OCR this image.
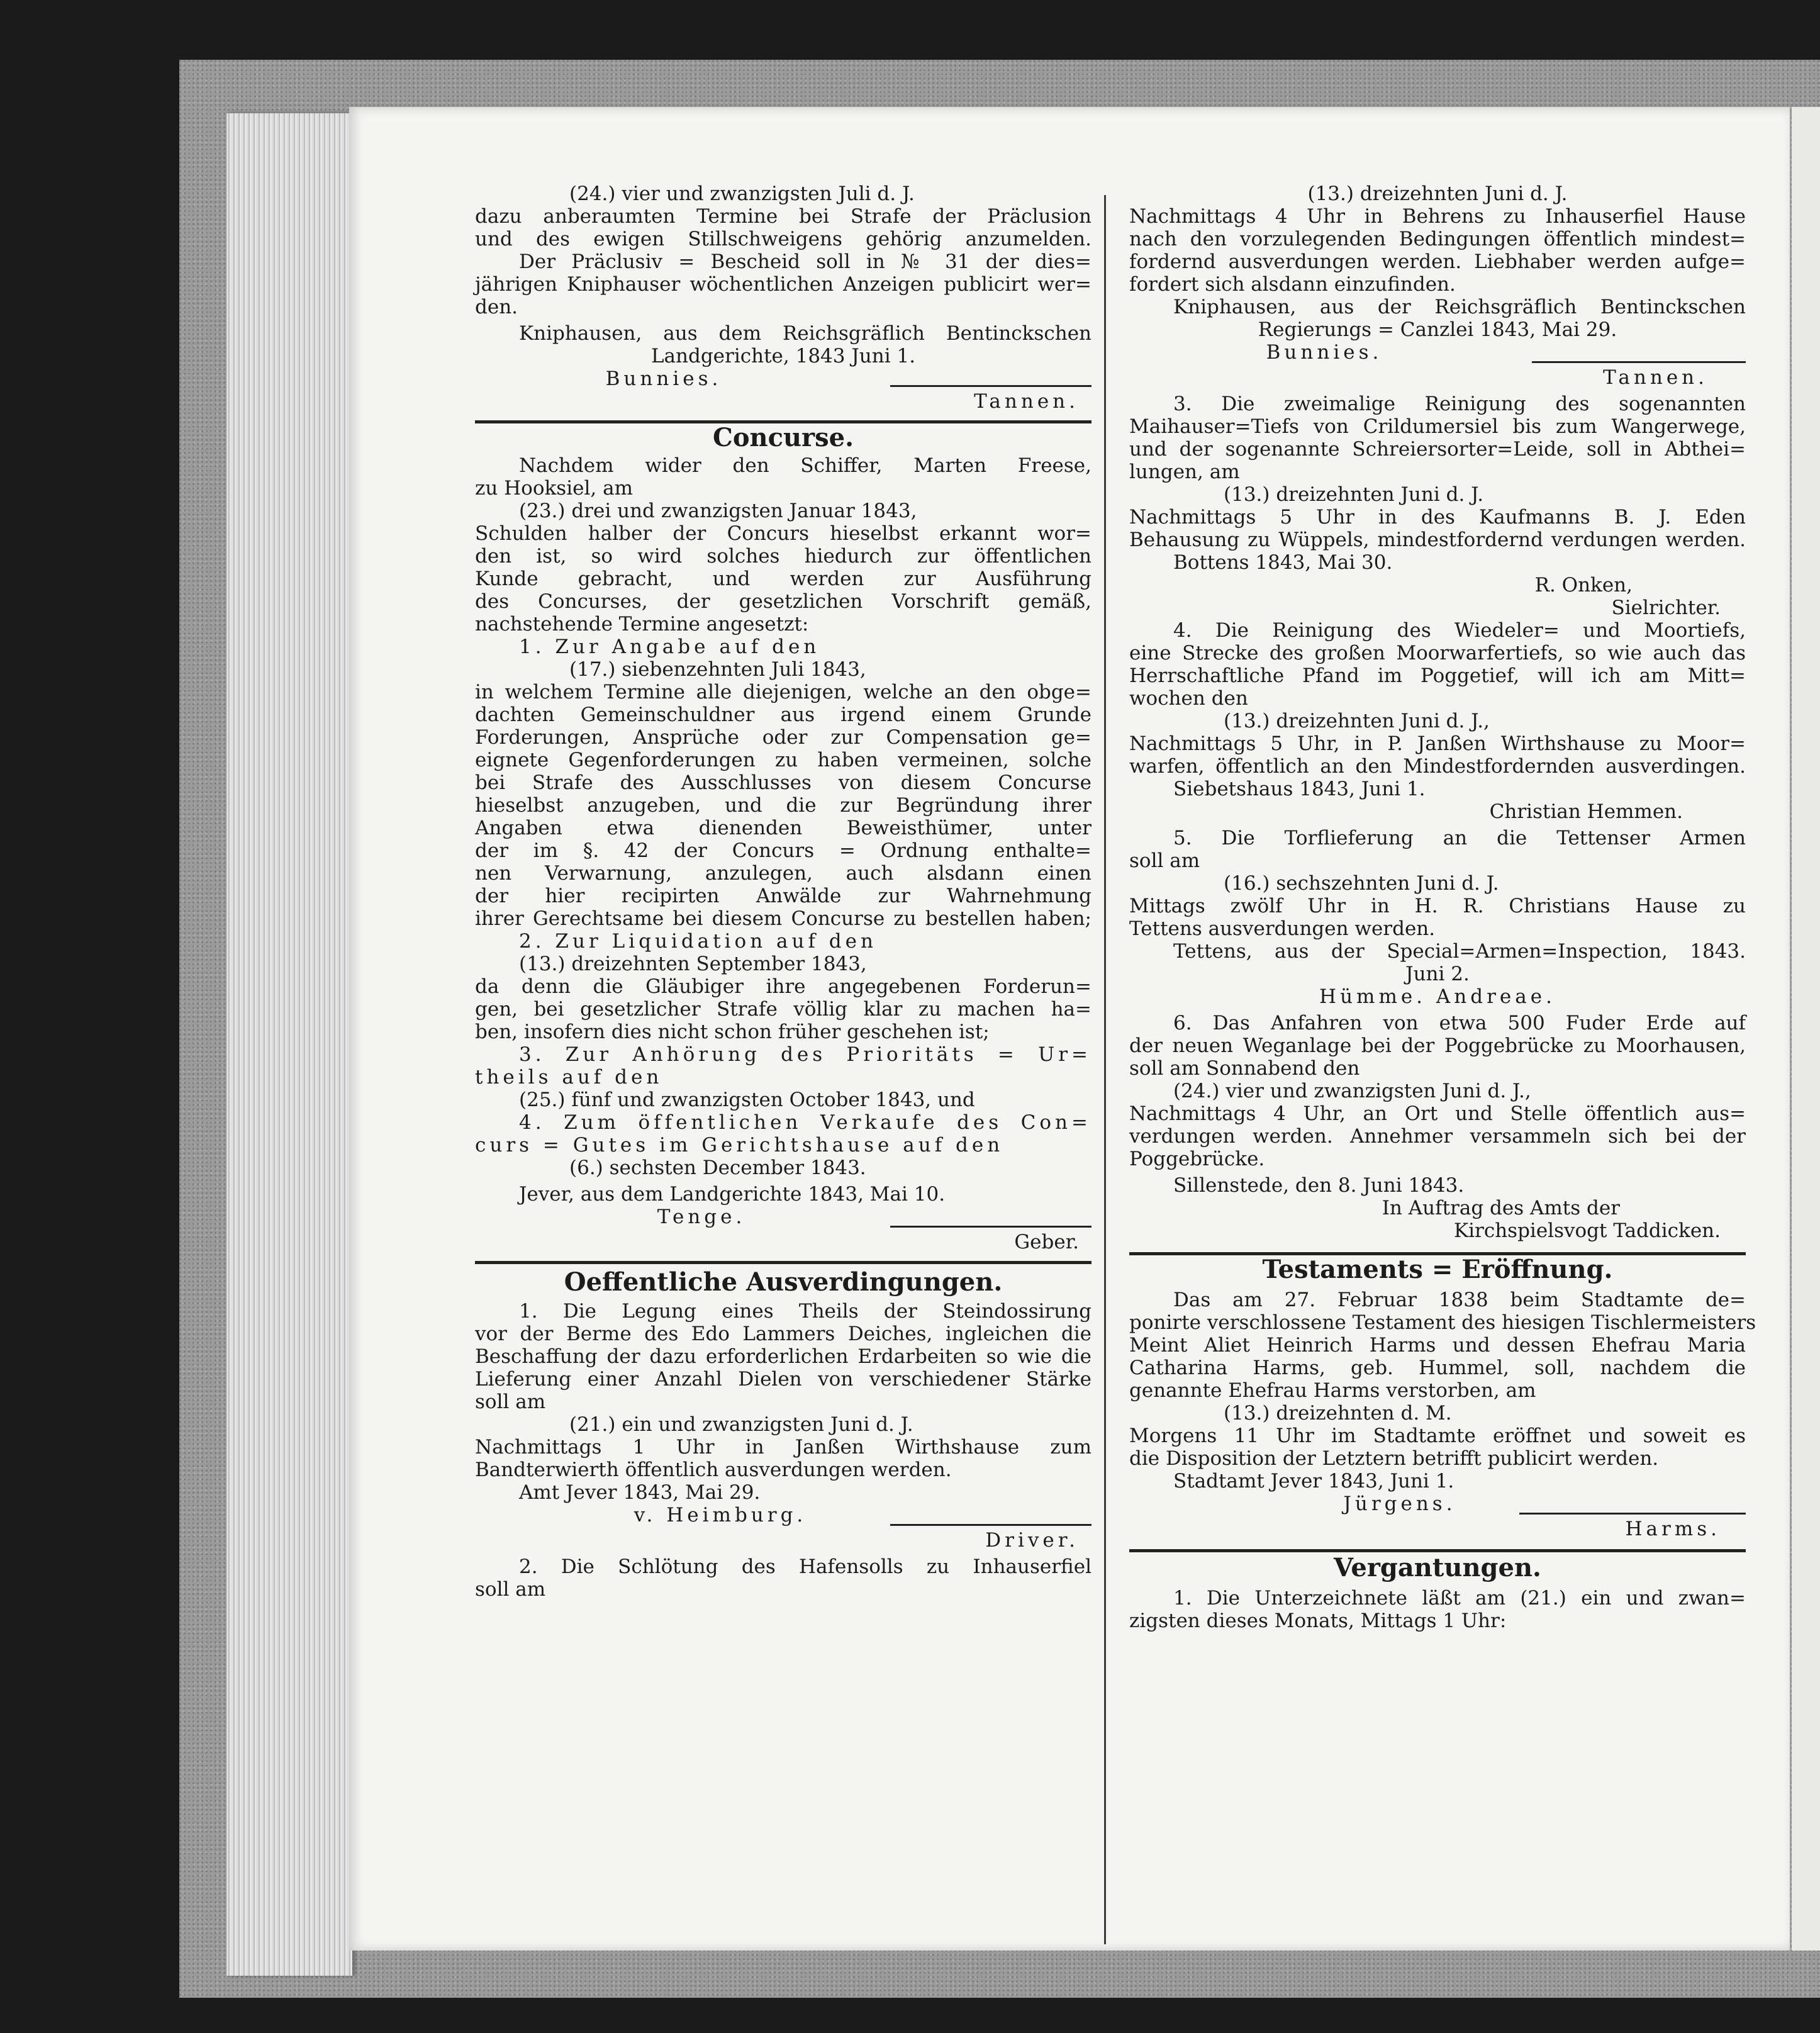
(24.) vier und zwanzigsten Juli d. J.
dazu anberaumten Termine bei Strafe der Präclusion
und des ewigen Stillschweigens gehörig anzumelden.
Der Präclusiv = Bescheid soll in № 31 der dies=
jährigen Kniphauser wöchentlichen Anzeigen publicirt wer=
den.
Kniphausen, aus dem Reichsgräflich Bentinckschen
Landgerichte, 1843 Juni 1.
Bunnies.
Tannen.
Concurse.
Nachdem wider den Schiffer, Marten Freese,
zu Hooksiel, am
(23.) drei und zwanzigsten Januar 1843,
Schulden halber der Concurs hieselbst erkannt wor=
den ist, so wird solches hiedurch zur öffentlichen
Kunde gebracht, und werden zur Ausführung
des Concurses, der gesetzlichen Vorschrift gemäß,
nachstehende Termine angesetzt:
1. Zur Angabe auf den
(17.) siebenzehnten Juli 1843,
in welchem Termine alle diejenigen, welche an den obge=
dachten Gemeinschuldner aus irgend einem Grunde
Forderungen, Ansprüche oder zur Compensation ge=
eignete Gegenforderungen zu haben vermeinen, solche
bei Strafe des Ausschlusses von diesem Concurse
hieselbst anzugeben, und die zur Begründung ihrer
Angaben etwa dienenden Beweisthümer, unter
der im §. 42 der Concurs = Ordnung enthalte=
nen Verwarnung, anzulegen, auch alsdann einen
der hier recipirten Anwälde zur Wahrnehmung
ihrer Gerechtsame bei diesem Concurse zu bestellen haben;
2. Zur Liquidation auf den
(13.) dreizehnten September 1843,
da denn die Gläubiger ihre angegebenen Forderun=
gen, bei gesetzlicher Strafe völlig klar zu machen ha=
ben, insofern dies nicht schon früher geschehen ist;
3. Zur Anhörung des Prioritäts = Ur=
theils auf den
(25.) fünf und zwanzigsten October 1843, und
4. Zum öffentlichen Verkaufe des Con=
curs = Gutes im Gerichtshause auf den
(6.) sechsten December 1843.
Jever, aus dem Landgerichte 1843, Mai 10.
Tenge.
Geber.
Oeffentliche Ausverdingungen.
1. Die Legung eines Theils der Steindossirung
vor der Berme des Edo Lammers Deiches, ingleichen die
Beschaffung der dazu erforderlichen Erdarbeiten so wie die
Lieferung einer Anzahl Dielen von verschiedener Stärke
soll am
(21.) ein und zwanzigsten Juni d. J.
Nachmittags 1 Uhr in Janßen Wirthshause zum
Bandterwierth öffentlich ausverdungen werden.
Amt Jever 1843, Mai 29.
v. Heimburg.
Driver.
2. Die Schlötung des Hafensolls zu Inhauserfiel
soll am
(13.) dreizehnten Juni d. J.
Nachmittags 4 Uhr in Behrens zu Inhauserfiel Hause
nach den vorzulegenden Bedingungen öffentlich mindest=
fordernd ausverdungen werden. Liebhaber werden aufge=
fordert sich alsdann einzufinden.
Kniphausen, aus der Reichsgräflich Bentinckschen
Regierungs = Canzlei 1843, Mai 29.
Bunnies.
Tannen.
3. Die zweimalige Reinigung des sogenannten
Maihauser=Tiefs von Crildumersiel bis zum Wangerwege,
und der sogenannte Schreiersorter=Leide, soll in Abthei=
lungen, am
(13.) dreizehnten Juni d. J.
Nachmittags 5 Uhr in des Kaufmanns B. J. Eden
Behausung zu Wüppels, mindestfordernd verdungen werden.
Bottens 1843, Mai 30.
R. Onken,
Sielrichter.
4. Die Reinigung des Wiedeler= und Moortiefs,
eine Strecke des großen Moorwarfertiefs, so wie auch das
Herrschaftliche Pfand im Poggetief, will ich am Mitt=
wochen den
(13.) dreizehnten Juni d. J.,
Nachmittags 5 Uhr, in P. Janßen Wirthshause zu Moor=
warfen, öffentlich an den Mindestfordernden ausverdingen.
Siebetshaus 1843, Juni 1.
Christian Hemmen.
5. Die Torflieferung an die Tettenser Armen
soll am
(16.) sechszehnten Juni d. J.
Mittags zwölf Uhr in H. R. Christians Hause zu
Tettens ausverdungen werden.
Tettens, aus der Special=Armen=Inspection, 1843.
Juni 2.
Hümme. Andreae.
6. Das Anfahren von etwa 500 Fuder Erde auf
der neuen Weganlage bei der Poggebrücke zu Moorhausen,
soll am Sonnabend den
(24.) vier und zwanzigsten Juni d. J.,
Nachmittags 4 Uhr, an Ort und Stelle öffentlich aus=
verdungen werden. Annehmer versammeln sich bei der
Poggebrücke.
Sillenstede, den 8. Juni 1843.
In Auftrag des Amts der
Kirchspielsvogt Taddicken.
Testaments = Eröffnung.
Das am 27. Februar 1838 beim Stadtamte de=
ponirte verschlossene Testament des hiesigen Tischlermeisters
Meint Aliet Heinrich Harms und dessen Ehefrau Maria
Catharina Harms, geb. Hummel, soll, nachdem die
genannte Ehefrau Harms verstorben, am
(13.) dreizehnten d. M.
Morgens 11 Uhr im Stadtamte eröffnet und soweit es
die Disposition der Letztern betrifft publicirt werden.
Stadtamt Jever 1843, Juni 1.
Jürgens.
Harms.
Vergantungen.
1. Die Unterzeichnete läßt am (21.) ein und zwan=
zigsten dieses Monats, Mittags 1 Uhr:
